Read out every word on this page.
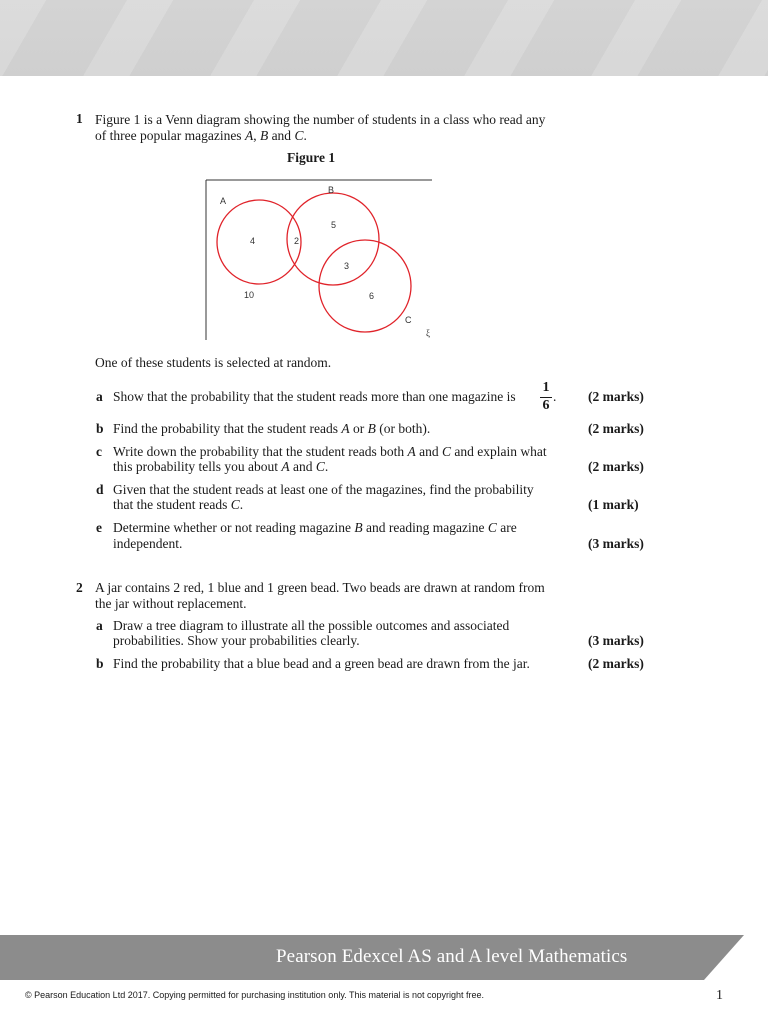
1 Figure 1 is a Venn diagram showing the number of students in a class who read any
of three popular magazines A, B and C.
Figure 1
A
B
C
4	2
5
3
6
10
ξ
One of these students is selected at random.
a Show that the probability that the student reads more than one magazine is
1
6
. (2 marks)
b Find the probability that the student reads A or B (or both).	(2 marks)
c Write down the probability that the student reads both A and C and explain what
this probability tells you about A and C.	(2 marks)
d Given that the student reads at least one of the magazines, find the probability
that the student reads C.	(1 mark)
e Determine whether or not reading magazine B and reading magazine C are
independent.	(3 marks)
2 A jar contains 2 red, 1 blue and 1 green bead. Two beads are drawn at random from
the jar without replacement.
a Draw a tree diagram to illustrate all the possible outcomes and associated
probabilities. Show your probabilities clearly.	(3 marks)
b Find the probability that a blue bead and a green bead are drawn from the jar.	(2 marks)
Pearson Edexcel AS and A level Mathematics
© Pearson Education Ltd 2017. Copying permitted for purchasing institution only. This material is not copyright free.	1
